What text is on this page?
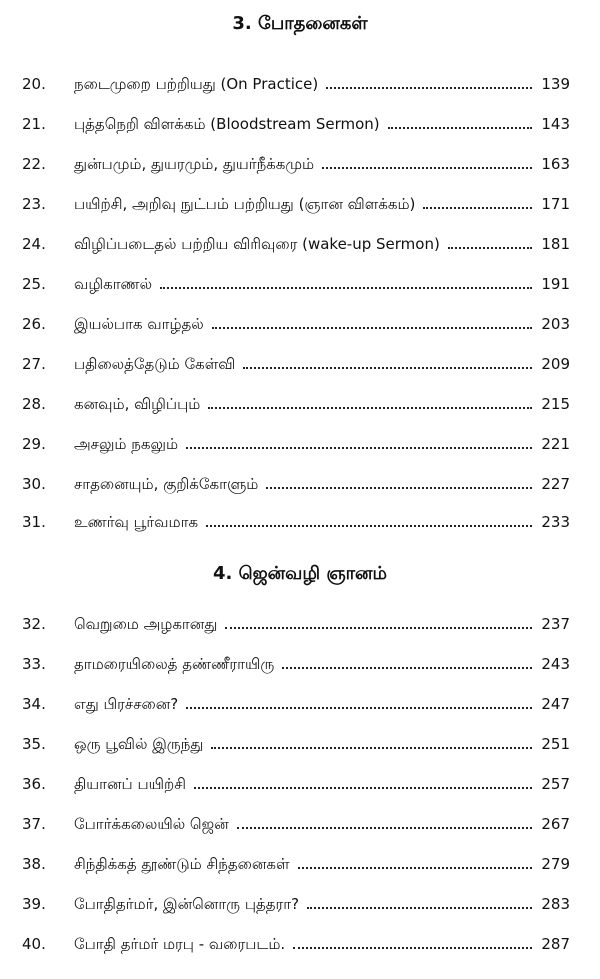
3. போதனைகள்
20.	நடைமுறை பற்றியது (On Practice)	139
21.	புத்தநெறி விளக்கம் (Bloodstream Sermon)	143
22.	துன்பமும், துயரமும், துயர்நீக்கமும்	163
23.	பயிற்சி, அறிவு நுட்பம் பற்றியது (ஞான விளக்கம்)	171
24.	விழிப்படைதல் பற்றிய விரிவுரை (wake-up Sermon)	181
25.	வழிகாணல்	191
26.	இயல்பாக வாழ்தல்	203
27.	பதிலைத்தேடும் கேள்வி	209
28.	கனவும், விழிப்பும்	215
29.	அசலும் நகலும்	221
30.	சாதனையும், குறிக்கோளும்	227
31.	உணர்வு பூர்வமாக	233
4. ஜென்வழி ஞானம்
32.	வெறுமை அழகானது	237
33.	தாமரையிலைத் தண்ணீராயிரு	243
34.	எது பிரச்சனை?	247
35.	ஒரு பூவில் இருந்து	251
36.	தியானப் பயிற்சி	257
37.	போர்க்கலையில் ஜென்	267
38.	சிந்திக்கத் தூண்டும் சிந்தனைகள்	279
39.	போதிதர்மர், இன்னொரு புத்தரா?	283
40.	போதி தர்மர் மரபு - வரைபடம்.	287
